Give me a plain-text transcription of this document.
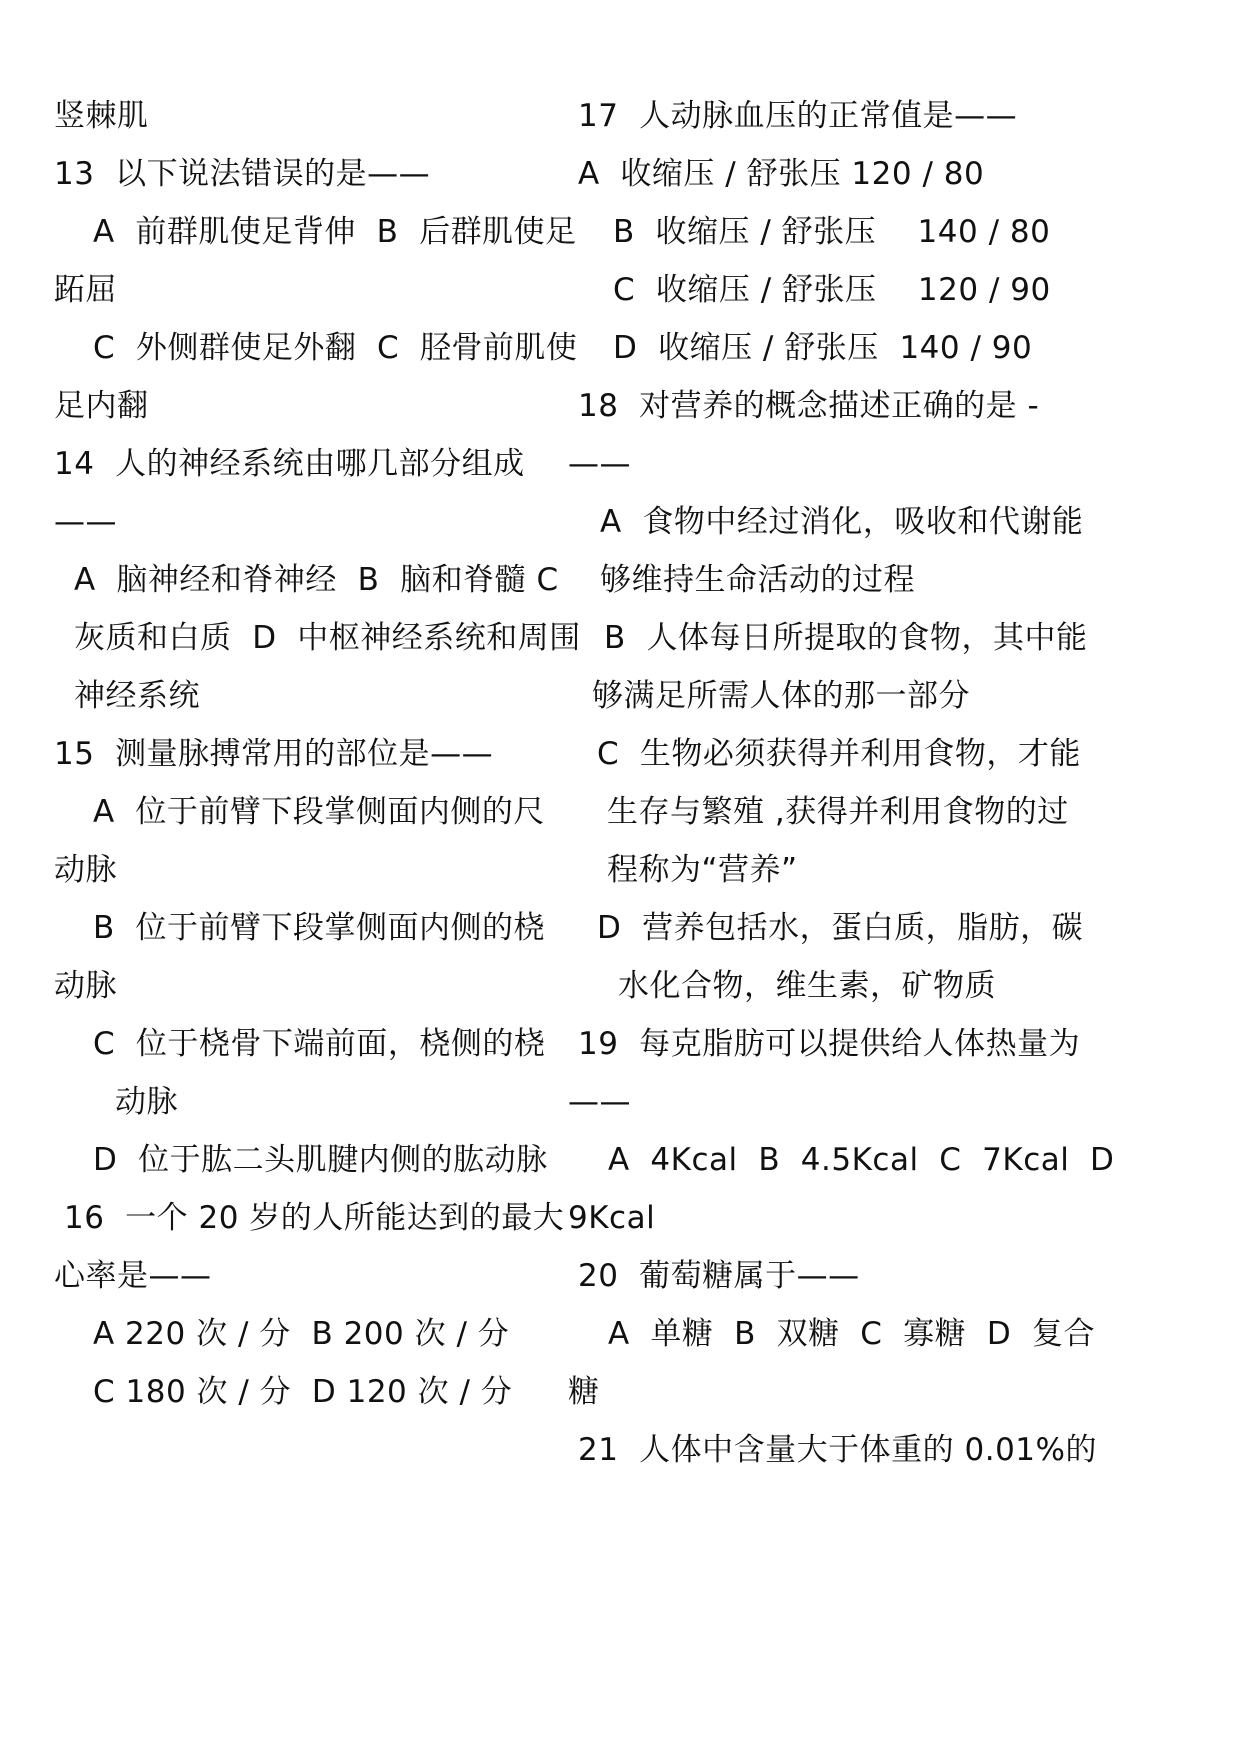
竖棘肌
13  以下说法错误的是——
A  前群肌使足背伸  B  后群肌使足
跖屈
C  外侧群使足外翻  C  胫骨前肌使
足内翻
14  人的神经系统由哪几部分组成
——
A  脑神经和脊神经  B  脑和脊髓 C
灰质和白质  D  中枢神经系统和周围
神经系统
15  测量脉搏常用的部位是——
A  位于前臂下段掌侧面内侧的尺
动脉
B  位于前臂下段掌侧面内侧的桡
动脉
C  位于桡骨下端前面，桡侧的桡
动脉
D  位于肱二头肌腱内侧的肱动脉
16  一个 20 岁的人所能达到的最大
心率是——
A 220 次 / 分  B 200 次 / 分
C 180 次 / 分  D 120 次 / 分
17  人动脉血压的正常值是——
A  收缩压 / 舒张压 120 / 80
B  收缩压 / 舒张压    140 / 80
C  收缩压 / 舒张压    120 / 90
D  收缩压 / 舒张压  140 / 90
18  对营养的概念描述正确的是 -
——
A  食物中经过消化，吸收和代谢能
够维持生命活动的过程
B  人体每日所提取的食物，其中能
够满足所需人体的那一部分
C  生物必须获得并利用食物，才能
生存与繁殖 ,获得并利用食物的过
程称为“营养”
D  营养包括水，蛋白质，脂肪，碳
水化合物，维生素，矿物质
19  每克脂肪可以提供给人体热量为
——
A  4Kcal  B  4.5Kcal  C  7Kcal  D
9Kcal
20  葡萄糖属于——
A  单糖  B  双糖  C  寡糖  D  复合
糖
21  人体中含量大于体重的 0.01%的
